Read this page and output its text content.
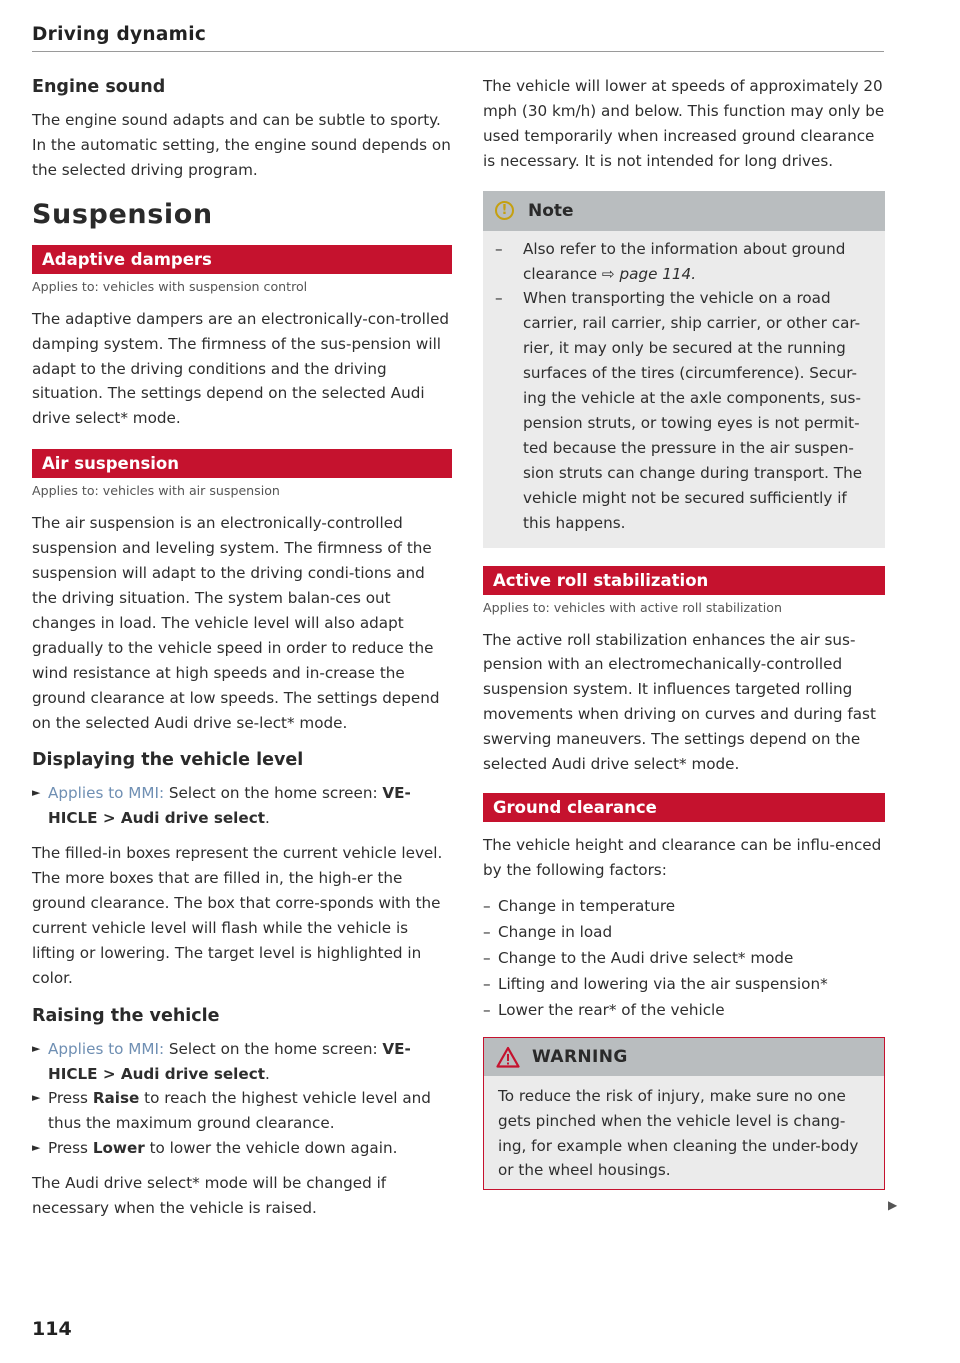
Driving dynamic
Engine sound

The engine sound adapts and can be subtle to sporty. In the automatic setting, the engine sound depends on the selected driving program.

Suspension
Adaptive dampers
Applies to: vehicles with suspension control

The adaptive dampers are an electronically-con-trolled damping system. The firmness of the sus-pension will adapt to the driving conditions and the driving situation. The settings depend on the selected Audi drive select* mode.

Air suspension
Applies to: vehicles with air suspension

The air suspension is an electronically-controlled suspension and leveling system. The firmness of the suspension will adapt to the driving condi-tions and the driving situation. The system balan-ces out changes in load. The vehicle level will also adapt gradually to the vehicle speed in order to reduce the wind resistance at high speeds and in-crease the ground clearance at low speeds. The settings depend on the selected Audi drive se-lect* mode.

Displaying the vehicle level

► Applies to MMI: Select on the home screen: VE-HICLE > Audi drive select.

The filled-in boxes represent the current vehicle level. The more boxes that are filled in, the high-er the ground clearance. The box that corre-sponds with the current vehicle level will flash while the vehicle is lifting or lowering. The target level is highlighted in color.

Raising the vehicle

► Applies to MMI: Select on the home screen: VE-HICLE > Audi drive select.

► Press Raise to reach the highest vehicle level and thus the maximum ground clearance.

► Press Lower to lower the vehicle down again.

The Audi drive select* mode will be changed if necessary when the vehicle is raised.

114

The vehicle will lower at speeds of approximately 20 mph (30 km/h) and below. This function may only be used temporarily when increased ground clearance is necessary. It is not intended for long drives.

!	Note

– Also refer to the information about ground clearance ⇨ page 114.

– When transporting the vehicle on a road carrier, rail carrier, ship carrier, or other car-rier, it may only be secured at the running surfaces of the tires (circumference). Secur-ing the vehicle at the axle components, sus-pension struts, or towing eyes is not permit-ted because the pressure in the air suspen-sion struts can change during transport. The vehicle might not be secured sufficiently if this happens.

Active roll stabilization
Applies to: vehicles with active roll stabilization

The active roll stabilization enhances the air sus-pension with an electromechanically-controlled suspension system. It influences targeted rolling movements when driving on curves and during fast swerving maneuvers. The settings depend on the selected Audi drive select* mode.

Ground clearance

The vehicle height and clearance can be influ-enced by the following factors:

– Change in temperature

– Change in load

– Change to the Audi drive select* mode

– Lifting and lowering via the air suspension*

– Lower the rear* of the vehicle

WARNING

To reduce the risk of injury, make sure no one gets pinched when the vehicle level is chang-ing, for example when cleaning the under-body or the wheel housings.

▶
